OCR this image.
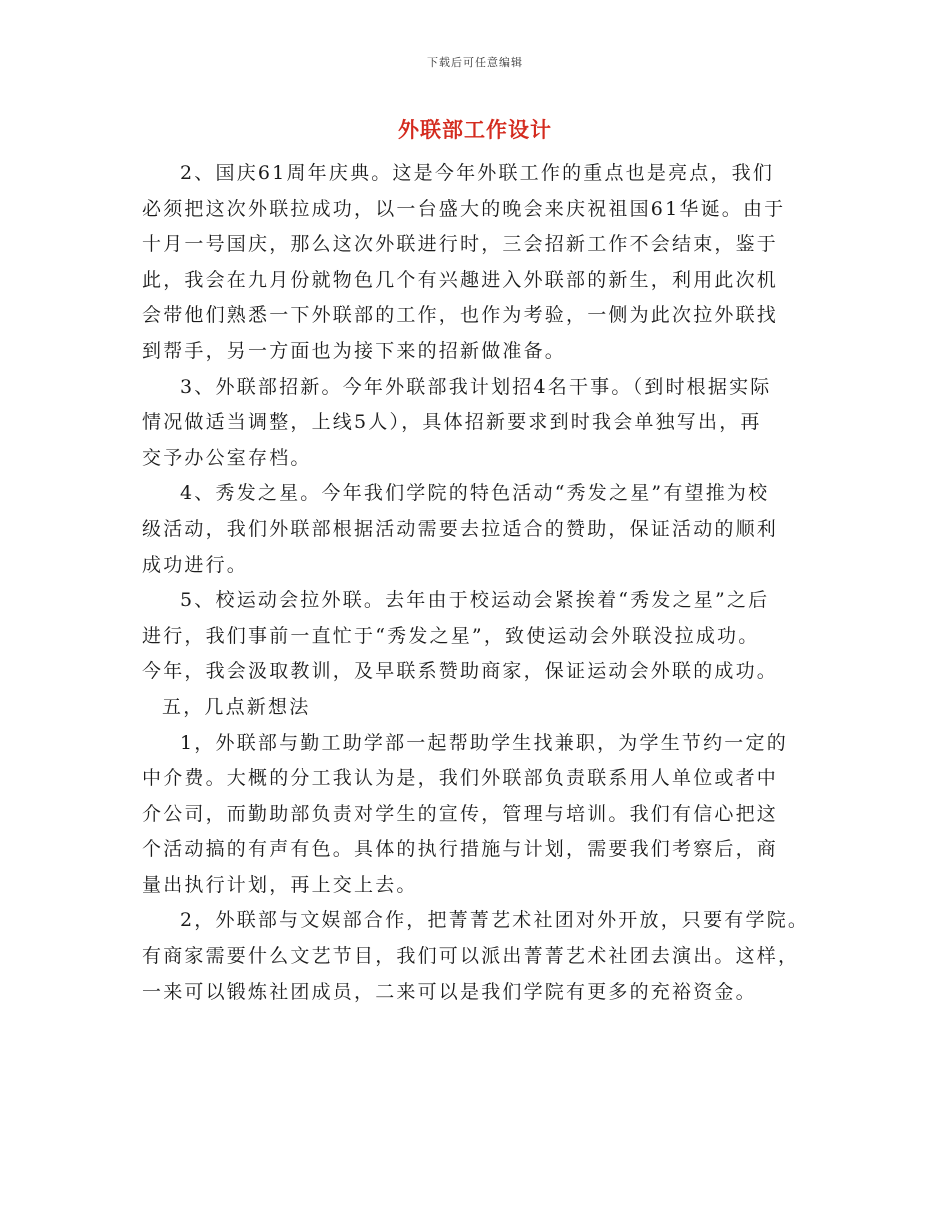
下载后可任意编辑
外联部工作设计
2、国庆61周年庆典。这是今年外联工作的重点也是亮点，我们
必须把这次外联拉成功，以一台盛大的晚会来庆祝祖国61华诞。由于
十月一号国庆，那么这次外联进行时，三会招新工作不会结束，鉴于
此，我会在九月份就物色几个有兴趣进入外联部的新生，利用此次机
会带他们熟悉一下外联部的工作，也作为考验，一侧为此次拉外联找
到帮手，另一方面也为接下来的招新做准备。
3、外联部招新。今年外联部我计划招4名干事。（到时根据实际
情况做适当调整，上线5人），具体招新要求到时我会单独写出，再
交予办公室存档。
4、秀发之星。今年我们学院的特色活动“秀发之星”有望推为校
级活动，我们外联部根据活动需要去拉适合的赞助，保证活动的顺利
成功进行。
5、校运动会拉外联。去年由于校运动会紧挨着“秀发之星”之后
进行，我们事前一直忙于“秀发之星”，致使运动会外联没拉成功。
今年，我会汲取教训，及早联系赞助商家，保证运动会外联的成功。
五，几点新想法
1，外联部与勤工助学部一起帮助学生找兼职，为学生节约一定的
中介费。大概的分工我认为是，我们外联部负责联系用人单位或者中
介公司，而勤助部负责对学生的宣传，管理与培训。我们有信心把这
个活动搞的有声有色。具体的执行措施与计划，需要我们考察后，商
量出执行计划，再上交上去。
2，外联部与文娱部合作，把菁菁艺术社团对外开放，只要有学院。
有商家需要什么文艺节目，我们可以派出菁菁艺术社团去演出。这样，
一来可以锻炼社团成员，二来可以是我们学院有更多的充裕资金。
